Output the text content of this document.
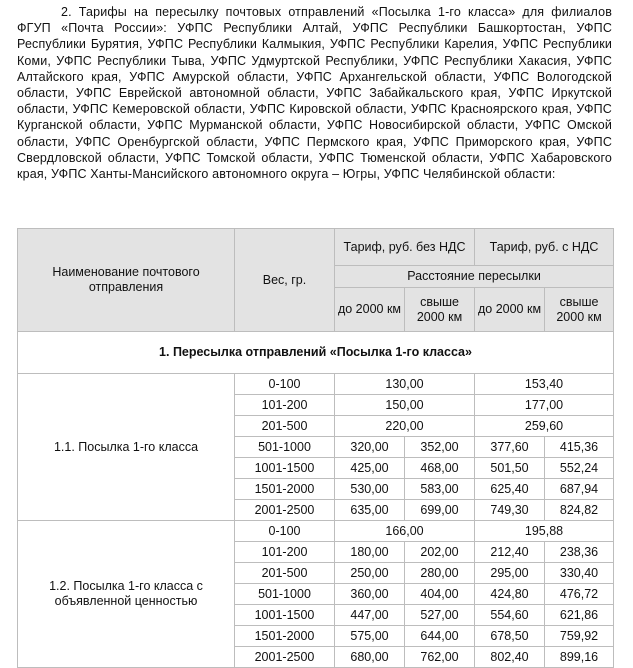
2. Тарифы на пересылку почтовых отправлений «Посылка 1-го класса» для филиалов ФГУП «Почта России»: УФПС Республики Алтай, УФПС Республики Башкортостан, УФПС Республики Бурятия, УФПС Республики Калмыкия, УФПС Республики Карелия, УФПС Республики Коми, УФПС Республики Тыва, УФПС Удмуртской Республики, УФПС Республики Хакасия, УФПС Алтайского края, УФПС Амурской области, УФПС Архангельской области, УФПС Вологодской области, УФПС Еврейской автономной области, УФПС Забайкальского края, УФПС Иркутской области, УФПС Кемеровской области, УФПС Кировской области, УФПС Красноярского края, УФПС Курганской области, УФПС Мурманской области, УФПС Новосибирской области, УФПС Омской области, УФПС Оренбургской области, УФПС Пермского края, УФПС Приморского края, УФПС Свердловской области, УФПС Томской области, УФПС Тюменской области, УФПС Хабаровского края, УФПС Ханты-Мансийского автономного округа – Югры, УФПС Челябинской области:

Наименование почтового отправления	Вес, гр.	Тариф, руб. без НДС		Тариф, руб. с НДС	
		Расстояние пересылки			
		до 2000 км	свыше 2000 км	до 2000 км	свыше 2000 км
1. Пересылка отправлений «Посылка 1-го класса»					
1.1. Посылка 1-го класса	0-100	130,00		153,40	
	101-200	150,00		177,00	
	201-500	220,00		259,60	
	501-1000	320,00	352,00	377,60	415,36
	1001-1500	425,00	468,00	501,50	552,24
	1501-2000	530,00	583,00	625,40	687,94
	2001-2500	635,00	699,00	749,30	824,82
1.2. Посылка 1-го класса с объявленной ценностью	0-100	166,00		195,88	
	101-200	180,00	202,00	212,40	238,36
	201-500	250,00	280,00	295,00	330,40
	501-1000	360,00	404,00	424,80	476,72
	1001-1500	447,00	527,00	554,60	621,86
	1501-2000	575,00	644,00	678,50	759,92
	2001-2500	680,00	762,00	802,40	899,16
